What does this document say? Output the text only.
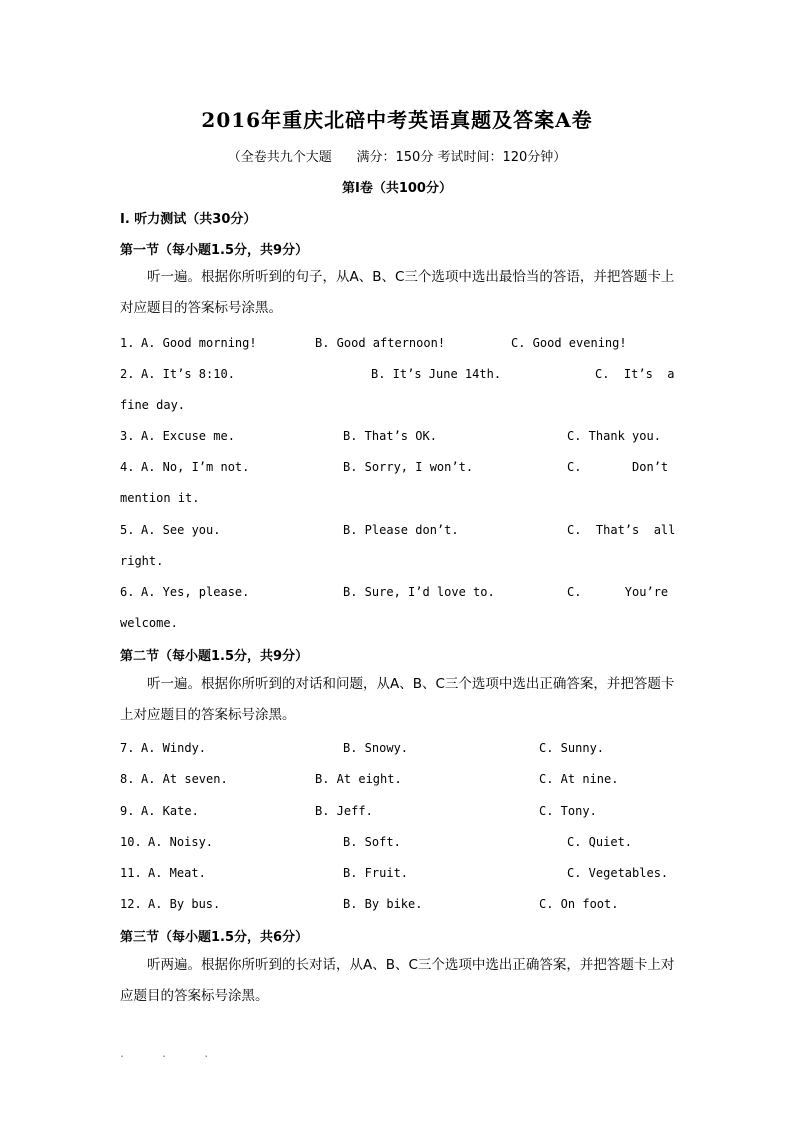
2016年重庆北碚中考英语真题及答案A卷
（全卷共九个大题      满分：150分 考试时间：120分钟）
第Ⅰ卷（共100分）
I. 听力测试（共30分）
第一节（每小题1.5分，共9分）
听一遍。根据你所听到的句子，从A、B、C三个选项中选出最恰当的答语，并把答题卡上对应题目的答案标号涂黑。
1. A. Good morning!	B. Good afternoon!	C. Good evening!
2. A. It’s 8:10.	B. It’s June 14th.	C.  It’s  a
fine day.
3. A. Excuse me.	B. That’s OK.	C. Thank you.
4. A. No, I’m not.	B. Sorry, I won’t.	C.       Don’t
mention it.
5. A. See you.	B. Please don’t.	C.  That’s  all
right.
6. A. Yes, please.	B. Sure, I’d love to.	C.      You’re
welcome.
第二节（每小题1.5分，共9分）
听一遍。根据你所听到的对话和问题，从A、B、C三个选项中选出正确答案，并把答题卡上对应题目的答案标号涂黑。
7. A. Windy.	B. Snowy.	C. Sunny.
8. A. At seven.	B. At eight.	C. At nine.
9. A. Kate.	B. Jeff.	C. Tony.
10. A. Noisy.	B. Soft.	C. Quiet.
11. A. Meat.	B. Fruit.	C. Vegetables.
12. A. By bus.	B. By bike.	C. On foot.
第三节（每小题1.5分，共6分）
听两遍。根据你所听到的长对话，从A、B、C三个选项中选出正确答案，并把答题卡上对应题目的答案标号涂黑。
.      .      .
